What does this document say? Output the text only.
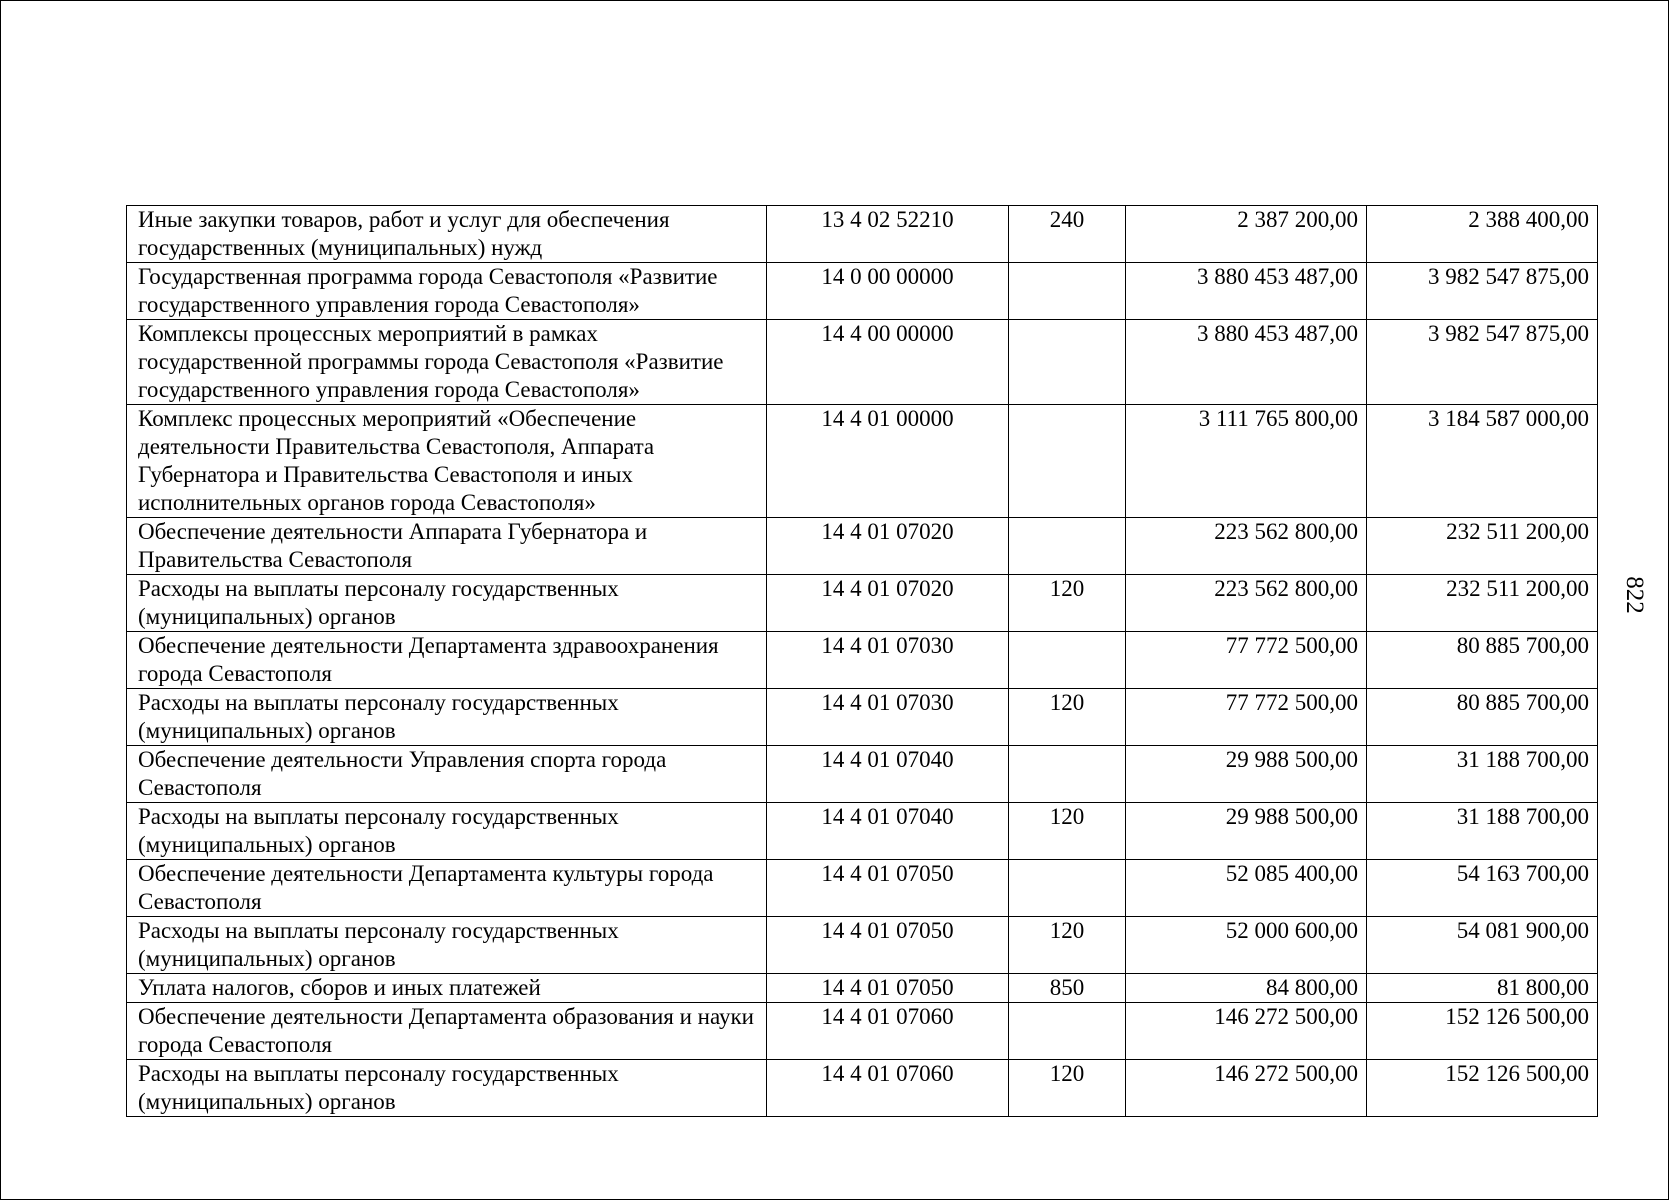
Иные закупки товаров, работ и услуг для обеспечения государственных (муниципальных) нужд	13 4 02 52210	240	2 387 200,00	2 388 400,00
Государственная программа города Севастополя «Развитие государственного управления города Севастополя»	14 0 00 00000		3 880 453 487,00	3 982 547 875,00
Комплексы процессных мероприятий в рамках государственной программы города Севастополя «Развитие государственного управления города Севастополя»	14 4 00 00000		3 880 453 487,00	3 982 547 875,00
Комплекс процессных мероприятий «Обеспечение деятельности Правительства Севастополя, Аппарата Губернатора и Правительства Севастополя и иных исполнительных органов города Севастополя»	14 4 01 00000		3 111 765 800,00	3 184 587 000,00
Обеспечение деятельности Аппарата Губернатора и Правительства Севастополя	14 4 01 07020		223 562 800,00	232 511 200,00
Расходы на выплаты персоналу государственных (муниципальных) органов	14 4 01 07020	120	223 562 800,00	232 511 200,00
Обеспечение деятельности Департамента здравоохранения города Севастополя	14 4 01 07030		77 772 500,00	80 885 700,00
Расходы на выплаты персоналу государственных (муниципальных) органов	14 4 01 07030	120	77 772 500,00	80 885 700,00
Обеспечение деятельности Управления спорта города Севастополя	14 4 01 07040		29 988 500,00	31 188 700,00
Расходы на выплаты персоналу государственных (муниципальных) органов	14 4 01 07040	120	29 988 500,00	31 188 700,00
Обеспечение деятельности Департамента культуры города Севастополя	14 4 01 07050		52 085 400,00	54 163 700,00
Расходы на выплаты персоналу государственных (муниципальных) органов	14 4 01 07050	120	52 000 600,00	54 081 900,00
Уплата налогов, сборов и иных платежей	14 4 01 07050	850	84 800,00	81 800,00
Обеспечение деятельности Департамента образования и науки города Севастополя	14 4 01 07060		146 272 500,00	152 126 500,00
Расходы на выплаты персоналу государственных (муниципальных) органов	14 4 01 07060	120	146 272 500,00	152 126 500,00
822
